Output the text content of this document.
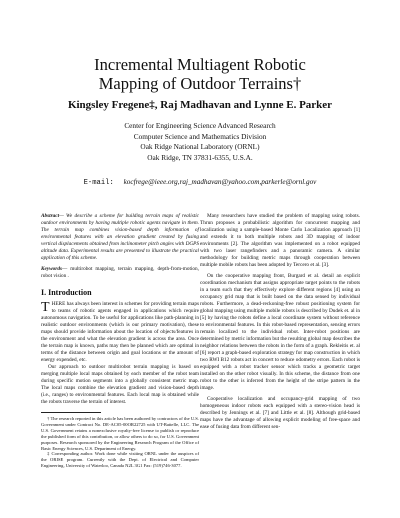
Incremental Multiagent Robotic
Mapping of Outdoor Terrains†
Kingsley Fregene‡, Raj Madhavan and Lynne E. Parker
Center for Engineering Science Advanced Research
Computer Science and Mathematics Division
Oak Ridge National Laboratory (ORNL)
Oak Ridge, TN 37831-6355, U.S.A.
E-mail: kocfrege@ieee.org,raj_madhavan@yahoo.com,parkerle@ornl.gov
Abstract— We describe a scheme for building terrain maps of realistic outdoor environments by having multiple robotic agents navigate in them. The terrain map combines vision-based depth information of environmental features with an elevation gradient created by fusing vertical displacements obtained from inclinometer pitch angles with DGPS altitude data. Experimental results are presented to illustrate the practical application of this scheme.
Keywords— multirobot mapping, terrain mapping, depth-from-motion, robot vision .
I. Introduction

THERE has always been interest in schemes for providing terrain maps to teams of robotic agents engaged in applications which require autonomous navigation. To be useful for applications like path-planning in realistic outdoor environments (which is our primary motivation), these maps should provide information about the location of objects/features in the environment and what the elevation gradient is across the area. Once the terrain map is known, paths may then be planned which are optimal in terms of the distance between origin and goal locations or the amount of energy expended, etc.

Our approach to outdoor multirobot terrain mapping is based on merging multiple local maps obtained by each member of the robot team during specific motion segments into a globally consistent metric map. The local maps combine the elevation gradient and vision-based depth (i.e., ranges) to environmental features. Each local map is obtained while the robots traverse the terrain of interest.

† The research reported in this article has been authored by contractors of the U.S. Government under Contract No. DE-AC05-00OR22725 with UT-Battelle, LLC. The U.S. Government retains a nonexclusive royalty-free license to publish or reproduce the published form of this contribution, or allow others to do so, for U.S. Government purposes. Research sponsored by the Engineering Research Program of the Office of Basic Energy Sciences, U.S. Department of Energy.

‡ Corresponding author. Work done while visiting ORNL under the auspices of the ORISE program. Currently with the Dept. of Electrical and Computer Engineering, University of Waterloo, Canada N2L 3G1 Fax: (519)746-3077.

Many researchers have studied the problem of mapping using robots. Thrun proposes a probabilistic algorithm for concurrent mapping and localization using a sample-based Monte Carlo Localization approach [1] and extends it to both multiple robots and 3D mapping of indoor environments [2]. The algorithm was implemented on a robot equipped with two laser rangefinders and a panoramic camera. A similar methodology for building metric maps through cooperation between multiple mobile robots has been adopted by Tercero et al. [3].

On the cooperative mapping front, Burgard et al. detail an explicit coordination mechanism that assigns appropriate target points to the robots in a team such that they effectively explore different regions [4] using an occupancy grid map that is built based on the data sensed by individual robots. Furthermore, a dead-reckoning-free robust positioning system for global mapping using multiple mobile robots is described by Dudek et. al in [5] by having the robots define a local coordinate system without reference to environmental features. In this robot-based representation, sensing errors remain localized to the individual robot. Inter-robot positions are determined by metric information but the resulting global map describes the neighbor relations between the robots in the form of a graph. Rekleitis et. al [6] report a graph-based exploration strategy for map construction in which two RWI B12 robots act in concert to reduce odometry errors. Each robot is equipped with a robot tracker sensor which tracks a geometric target installed on the other robot visually. In this scheme, the distance from one robot to the other is inferred from the height of the stripe pattern in the image.

Cooperative localization and occupancy-grid mapping of two homogeneous indoor robots each equipped with a stereo-vision head is described by Jennings et al. [7] and Little et al. [8]. Although grid-based maps have the advantage of allowing explicit modeling of free-space and ease of fusing data from different sen-
